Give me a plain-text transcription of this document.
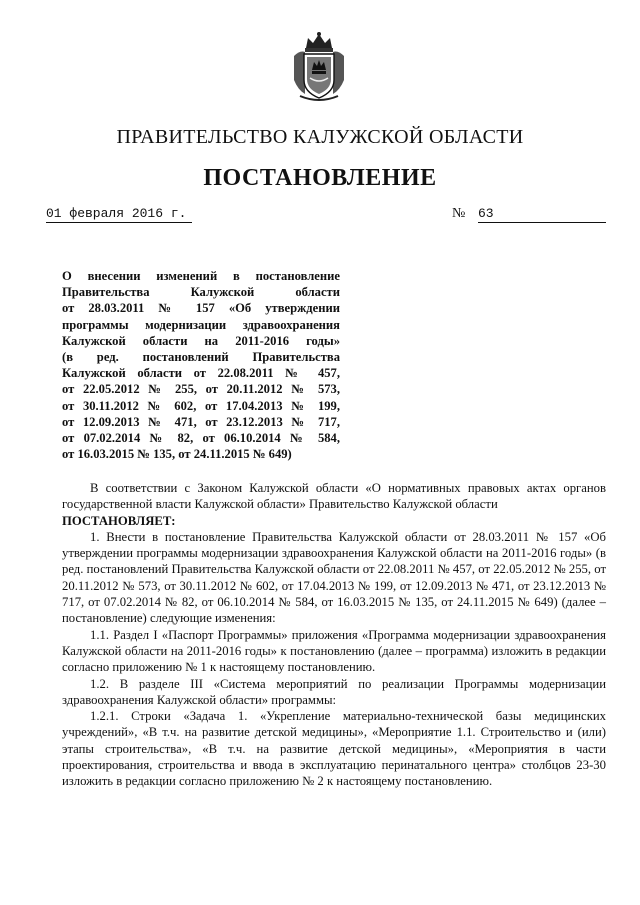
ПРАВИТЕЛЬСТВО КАЛУЖСКОЙ ОБЛАСТИ
ПОСТАНОВЛЕНИЕ
01 февраля 2016 г.	№ 63
О внесении изменений в постановление
Правительства Калужской области
от 28.03.2011 № 157 «Об утверждении
программы модернизации здравоохранения
Калужской области на 2011-2016 годы»
(в ред. постановлений Правительства
Калужской области от 22.08.2011 № 457,
от 22.05.2012 № 255, от 20.11.2012 № 573,
от 30.11.2012 № 602, от 17.04.2013 № 199,
от 12.09.2013 № 471, от 23.12.2013 № 717,
от 07.02.2014 № 82, от 06.10.2014 № 584,
от 16.03.2015 № 135, от 24.11.2015 № 649)
В соответствии с Законом Калужской области «О нормативных правовых актах органов государственной власти Калужской области» Правительство Калужской области
ПОСТАНОВЛЯЕТ:
1. Внести в постановление Правительства Калужской области от 28.03.2011 № 157 «Об утверждении программы модернизации здравоохранения Калужской области на 2011-2016 годы» (в ред. постановлений Правительства Калужской области от 22.08.2011 № 457, от 22.05.2012 № 255, от 20.11.2012 № 573, от 30.11.2012 № 602, от 17.04.2013 № 199, от 12.09.2013 № 471, от 23.12.2013 № 717, от 07.02.2014 № 82, от 06.10.2014 № 584, от 16.03.2015 № 135, от 24.11.2015 № 649) (далее – постановление) следующие изменения:
1.1. Раздел I «Паспорт Программы» приложения «Программа модернизации здравоохранения Калужской области на 2011-2016 годы» к постановлению (далее – программа) изложить в редакции согласно приложению № 1 к настоящему постановлению.
1.2. В разделе III «Система мероприятий по реализации Программы модернизации здравоохранения Калужской области» программы:
1.2.1. Строки «Задача 1. «Укрепление материально-технической базы медицинских учреждений», «В т.ч. на развитие детской медицины», «Мероприятие 1.1. Строительство и (или) этапы строительства», «В т.ч. на развитие детской медицины», «Мероприятия в части проектирования, строительства и ввода в эксплуатацию перинатального центра» столбцов 23-30 изложить в редакции согласно приложению № 2 к настоящему постановлению.
